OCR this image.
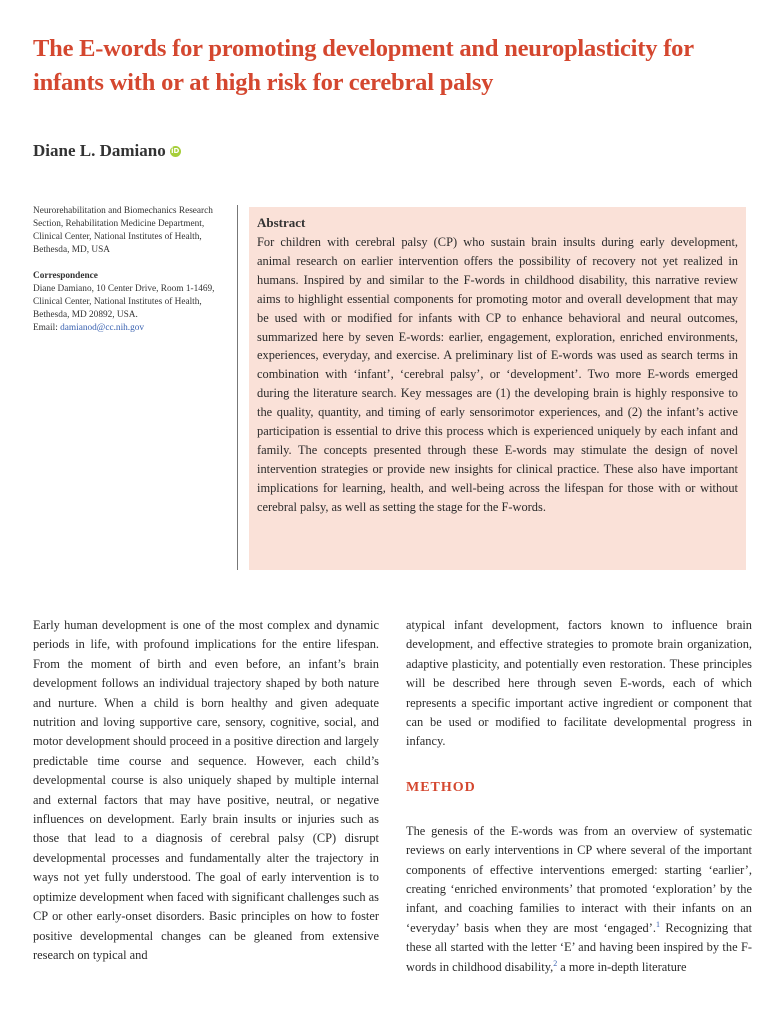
The E-words for promoting development and neuroplasticity for infants with or at high risk for cerebral palsy
Diane L. Damiano iD

Neurorehabilitation and Biomechanics Research Section, Rehabilitation Medicine Department, Clinical Center, National Institutes of Health, Bethesda, MD, USA

Correspondence

Diane Damiano, 10 Center Drive, Room 1-1469, Clinical Center, National Institutes of Health, Bethesda, MD 20892, USA.

Email: damianod@cc.nih.gov

Abstract

For children with cerebral palsy (CP) who sustain brain insults during early development, animal research on earlier intervention offers the possibility of recovery not yet realized in humans. Inspired by and similar to the F-words in childhood disability, this narrative review aims to highlight essential components for promoting motor and overall development that may be used with or modified for infants with CP to enhance behavioral and neural outcomes, summarized here by seven E-words: earlier, engagement, exploration, enriched environments, experiences, everyday, and exercise. A preliminary list of E-words was used as search terms in combination with ‘infant’, ‘cerebral palsy’, or ‘development’. Two more E-words emerged during the literature search. Key messages are (1) the developing brain is highly responsive to the quality, quantity, and timing of early sensorimotor experiences, and (2) the infant’s active participation is essential to drive this process which is experienced uniquely by each infant and family. The concepts presented through these E-words may stimulate the design of novel intervention strategies or provide new insights for clinical practice. These also have important implications for learning, health, and well-being across the lifespan for those with or without cerebral palsy, as well as setting the stage for the F-words.

Early human development is one of the most complex and dynamic periods in life, with profound implications for the entire lifespan. From the moment of birth and even before, an infant’s brain development follows an individual trajectory shaped by both nature and nurture. When a child is born healthy and given adequate nutrition and loving supportive care, sensory, cognitive, social, and motor development should proceed in a positive direction and largely predictable time course and sequence. However, each child’s developmental course is also uniquely shaped by multiple internal and external factors that may have positive, neutral, or negative influences on development. Early brain insults or injuries such as those that lead to a diagnosis of cerebral palsy (CP) disrupt developmental processes and fundamentally alter the trajectory in ways not yet fully understood. The goal of early intervention is to optimize development when faced with significant challenges such as CP or other early-onset disorders. Basic principles on how to foster positive developmental changes can be gleaned from extensive research on typical and

atypical infant development, factors known to influence brain development, and effective strategies to promote brain organization, adaptive plasticity, and potentially even restoration. These principles will be described here through seven E-words, each of which represents a specific important active ingredient or component that can be used or modified to facilitate developmental progress in infancy.

METHOD

The genesis of the E-words was from an overview of systematic reviews on early interventions in CP where several of the important components of effective interventions emerged: starting ‘earlier’, creating ‘enriched environments’ that promoted ‘exploration’ by the infant, and coaching families to interact with their infants on an ‘everyday’ basis when they are most ‘engaged’.$^1$ Recognizing that these all started with the letter ‘E’ and having been inspired by the F-words in childhood disability,$^2$ a more in-depth literature
